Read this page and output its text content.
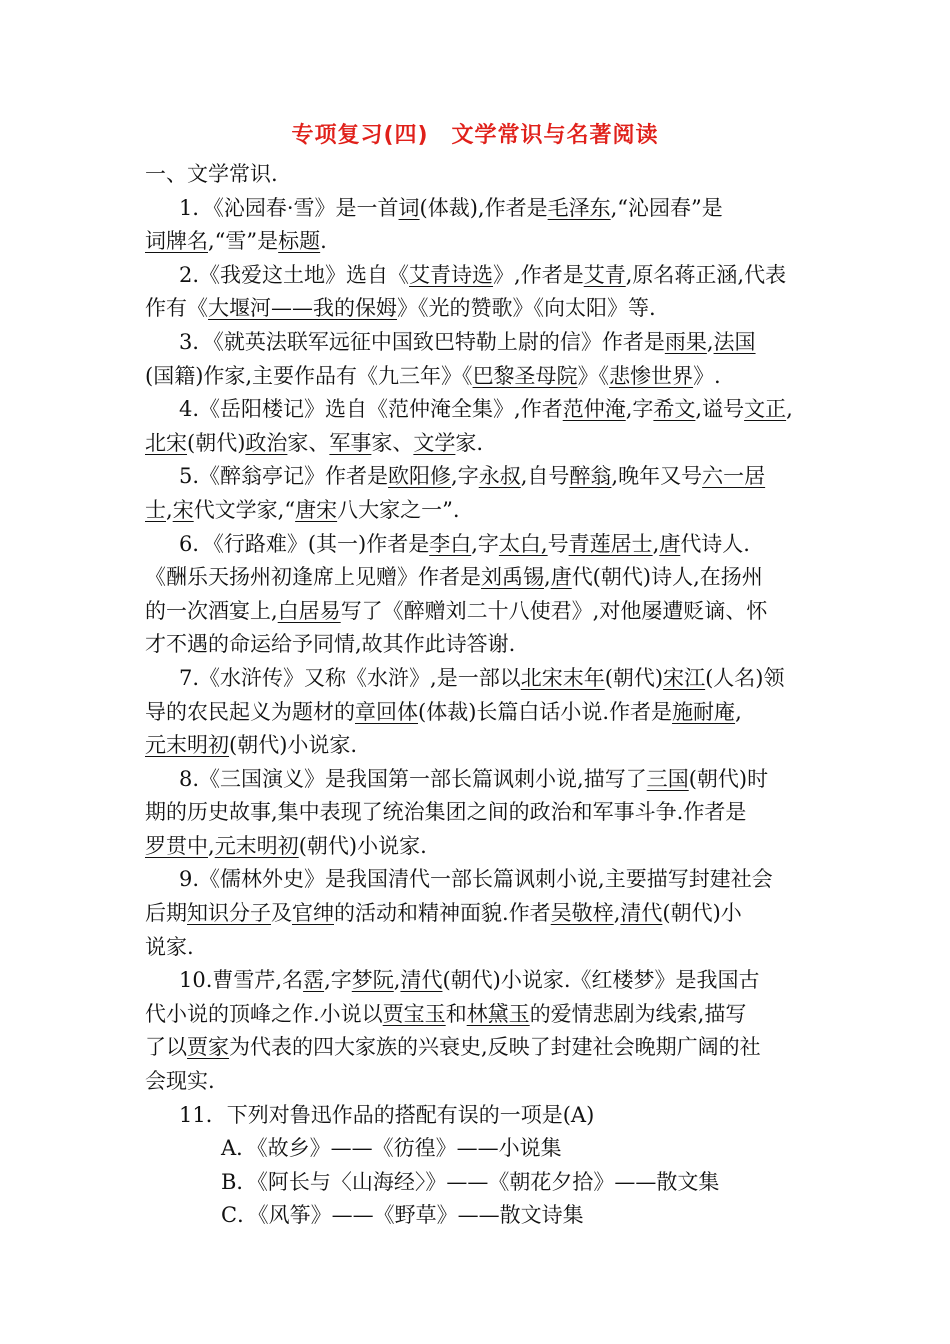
专项复习(四)　文学常识与名著阅读
一、文学常识.
1．《沁园春·雪》是一首词(体裁),作者是毛泽东,“沁园春”是
词牌名,“雪”是标题.
2.《我爱这土地》选自《艾青诗选》,作者是艾青,原名蒋正涵,代表
作有《大堰河——我的保姆》《光的赞歌》《向太阳》等.
3．《就英法联军远征中国致巴特勒上尉的信》作者是雨果,法国
(国籍)作家,主要作品有《九三年》《巴黎圣母院》《悲惨世界》.
4.《岳阳楼记》选自《范仲淹全集》,作者范仲淹,字希文,谥号文正,
北宋(朝代)政治家、军事家、文学家.
5.《醉翁亭记》作者是欧阳修,字永叔,自号醉翁,晚年又号六一居
士,宋代文学家,“唐宋八大家之一”.
6．《行路难》(其一)作者是李白,字太白,号青莲居士,唐代诗人.
《酬乐天扬州初逢席上见赠》作者是刘禹锡,唐代(朝代)诗人,在扬州
的一次酒宴上,白居易写了《醉赠刘二十八使君》,对他屡遭贬谪、怀
才不遇的命运给予同情,故其作此诗答谢.
7.《水浒传》又称《水浒》,是一部以北宋末年(朝代)宋江(人名)领
导的农民起义为题材的章回体(体裁)长篇白话小说.作者是施耐庵,
元末明初(朝代)小说家.
8.《三国演义》是我国第一部长篇讽刺小说,描写了三国(朝代)时
期的历史故事,集中表现了统治集团之间的政治和军事斗争.作者是
罗贯中,元末明初(朝代)小说家.
9.《儒林外史》是我国清代一部长篇讽刺小说,主要描写封建社会
后期知识分子及官绅的活动和精神面貌.作者吴敬梓,清代(朝代)小
说家.
10.曹雪芹,名霑,字梦阮,清代(朝代)小说家.《红楼梦》是我国古
代小说的顶峰之作.小说以贾宝玉和林黛玉的爱情悲剧为线索,描写
了以贾家为代表的四大家族的兴衰史,反映了封建社会晚期广阔的社
会现实.
11．下列对鲁迅作品的搭配有误的一项是(A)
A．《故乡》——《彷徨》——小说集
B．《阿长与〈山海经〉》——《朝花夕拾》——散文集
C．《风筝》——《野草》——散文诗集
